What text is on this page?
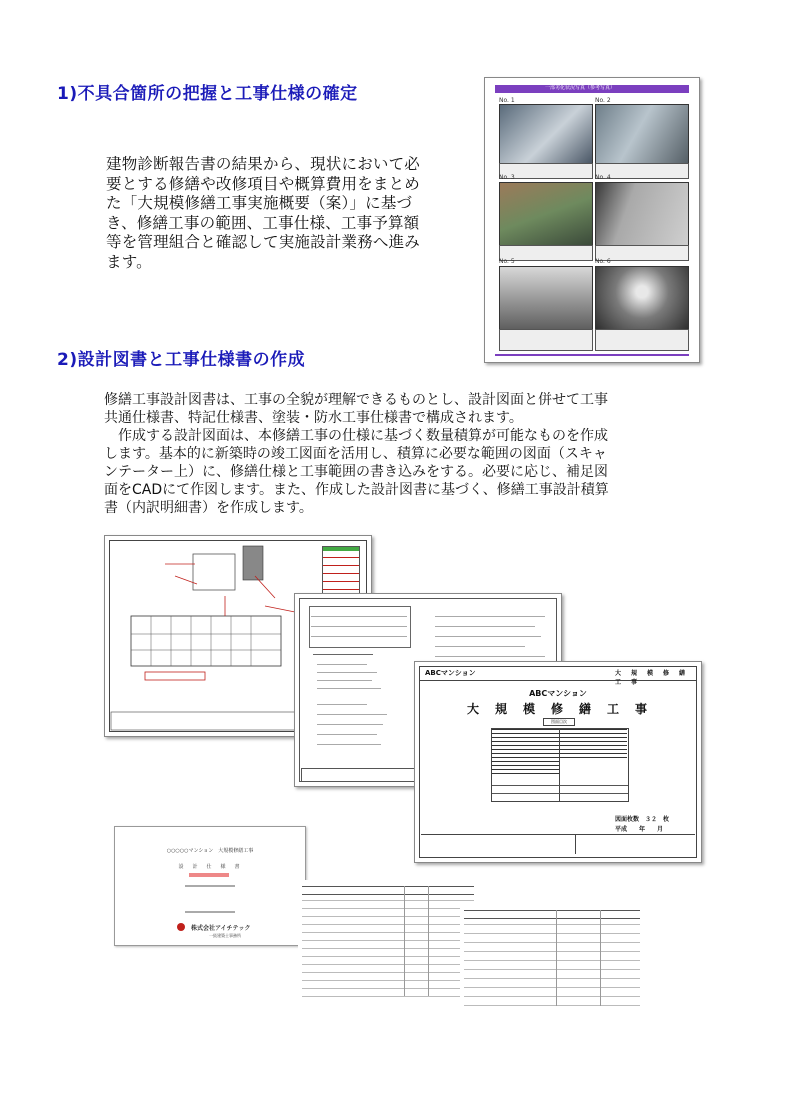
1)不具合箇所の把握と工事仕様の確定
建物診断報告書の結果から、現状において必
要とする修繕や改修項目や概算費用をまとめ
た「大規模修繕工事実施概要（案）」に基づ
き、修繕工事の範囲、工事仕様、工事予算額
等を管理組合と確認して実施設計業務へ進み
ます。
一部劣化状況写真（参考写真）
No. 1
No. 3
No. 5
No. 2
No. 4
No. 6
2)設計図書と工事仕様書の作成
修繕工事設計図書は、工事の全貌が理解できるものとし、設計図面と併せて工事
共通仕様書、特記仕様書、塗装・防水工事仕様書で構成されます。
　作成する設計図面は、本修繕工事の仕様に基づく数量積算が可能なものを作成
します。基本的に新築時の竣工図面を活用し、積算に必要な範囲の図面（スキャ
ンテーター上）に、修繕仕様と工事範囲の書き込みをする。必要に応じ、補足図
面をCADにて作図します。また、作成した設計図書に基づく、修繕工事設計積算
書（内訳明細書）を作成します。
ABCマンション	大　規　模　修　繕　工　事
ABCマンション
大　規　模　修　繕　工　事
図面目次
図面枚数　３２　枚
平成　　年　　月
○○○○○マンション　大規模修繕工事
設　計　仕　様　書
株式会社アイチテック
一級建築士事務所
